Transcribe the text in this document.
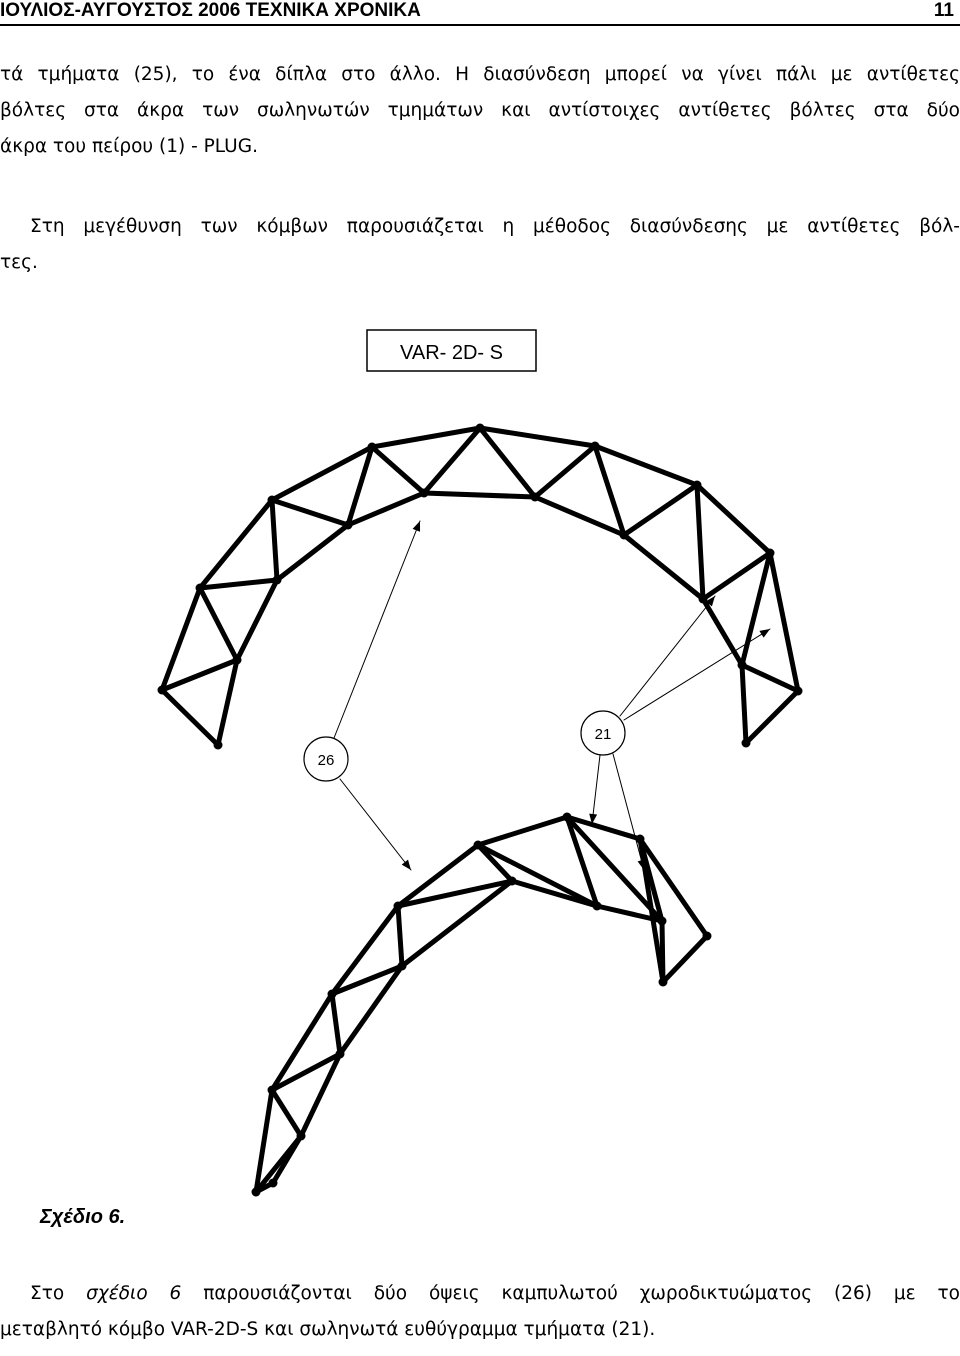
ΙΟΥΛΙΟΣ-ΑΥΓΟΥΣΤΟΣ 2006 ΤΕΧΝΙΚΑ ΧΡΟΝΙΚΑ	11
τά τμήματα (25), το ένα δίπλα στο άλλο. Η διασύνδεση μπορεί να γίνει πάλι με αντίθετες
βόλτες στα άκρα των σωληνωτών τμημάτων και αντίστοιχες αντίθετες βόλτες στα δύο
άκρα του πείρου (1) - PLUG.
Στη μεγέθυνση των κόμβων παρουσιάζεται η μέθοδος διασύνδεσης με αντίθετες βόλ-
τες.
VAR- 2D- S
26
21
Σχέδιο 6.
Στο σχέδιο 6 παρουσιάζονται δύο όψεις καμπυλωτού χωροδικτυώματος (26) με το
μεταβλητό κόμβο VAR-2D-S και σωληνωτά ευθύγραμμα τμήματα (21).
